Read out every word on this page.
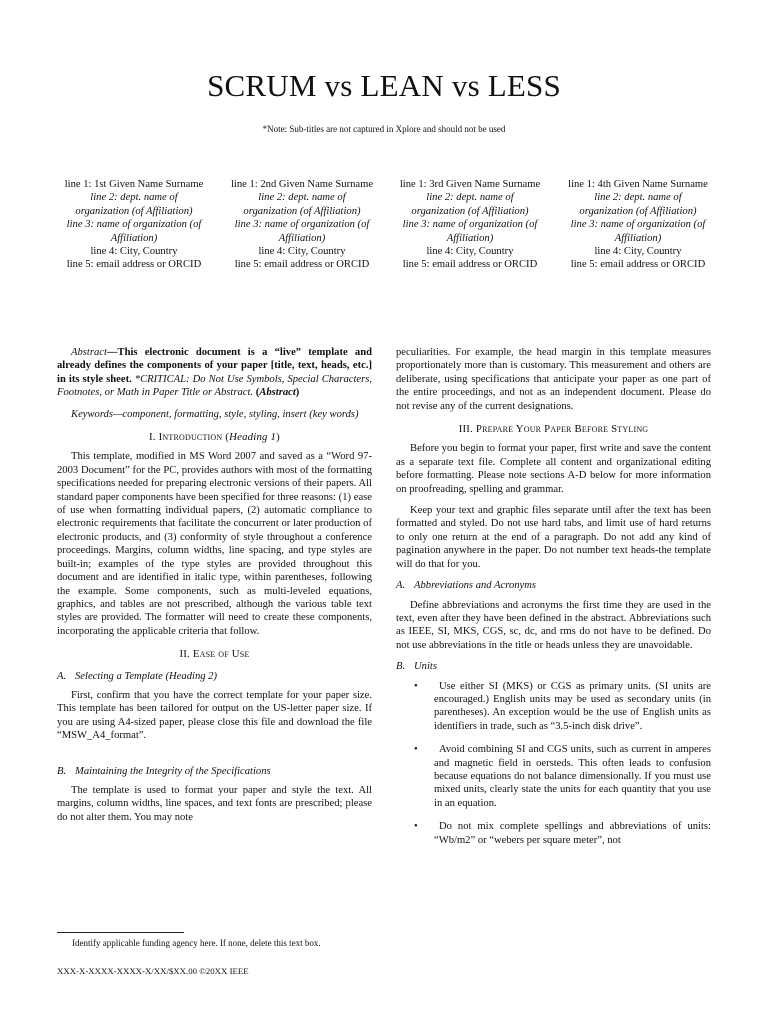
SCRUM vs LEAN vs LESS
*Note: Sub-titles are not captured in Xplore and should not be used
line 1: 1st Given Name Surname
line 2: dept. name of
organization (of Affiliation)
line 3: name of organization (of
Affiliation)
line 4: City, Country
line 5: email address or ORCID
line 1: 2nd Given Name Surname
line 2: dept. name of
organization (of Affiliation)
line 3: name of organization (of
Affiliation)
line 4: City, Country
line 5: email address or ORCID
line 1: 3rd Given Name Surname
line 2: dept. name of
organization (of Affiliation)
line 3: name of organization (of
Affiliation)
line 4: City, Country
line 5: email address or ORCID
line 1: 4th Given Name Surname
line 2: dept. name of
organization (of Affiliation)
line 3: name of organization (of
Affiliation)
line 4: City, Country
line 5: email address or ORCID

Abstract—This electronic document is a “live” template and already defines the components of your paper [title, text, heads, etc.] in its style sheet. *CRITICAL: Do Not Use Symbols, Special Characters, Footnotes, or Math in Paper Title or Abstract. (Abstract)

Keywords—component, formatting, style, styling, insert (key words)

I. Introduction (Heading 1)

This template, modified in MS Word 2007 and saved as a “Word 97-2003 Document” for the PC, provides authors with most of the formatting specifications needed for preparing electronic versions of their papers. All standard paper components have been specified for three reasons: (1) ease of use when formatting individual papers, (2) automatic compliance to electronic requirements that facilitate the concurrent or later production of electronic products, and (3) conformity of style throughout a conference proceedings. Margins, column widths, line spacing, and type styles are built-in; examples of the type styles are provided throughout this document and are identified in italic type, within parentheses, following the example. Some components, such as multi-leveled equations, graphics, and tables are not prescribed, although the various table text styles are provided. The formatter will need to create these components, incorporating the applicable criteria that follow.

II. Ease of Use
A. Selecting a Template (Heading 2)

First, confirm that you have the correct template for your paper size. This template has been tailored for output on the US-letter paper size. If you are using A4-sized paper, please close this file and download the file “MSW_A4_format”.

B. Maintaining the Integrity of the Specifications

The template is used to format your paper and style the text. All margins, column widths, line spaces, and text fonts are prescribed; please do not alter them. You may note

peculiarities. For example, the head margin in this template measures proportionately more than is customary. This measurement and others are deliberate, using specifications that anticipate your paper as one part of the entire proceedings, and not as an independent document. Please do not revise any of the current designations.

III. Prepare Your Paper Before Styling

Before you begin to format your paper, first write and save the content as a separate text file. Complete all content and organizational editing before formatting. Please note sections A-D below for more information on proofreading, spelling and grammar.

Keep your text and graphic files separate until after the text has been formatted and styled. Do not use hard tabs, and limit use of hard returns to only one return at the end of a paragraph. Do not add any kind of pagination anywhere in the paper. Do not number text heads-the template will do that for you.

A. Abbreviations and Acronyms

Define abbreviations and acronyms the first time they are used in the text, even after they have been defined in the abstract. Abbreviations such as IEEE, SI, MKS, CGS, sc, dc, and rms do not have to be defined. Do not use abbreviations in the title or heads unless they are unavoidable.

B. Units
•	Use either SI (MKS) or CGS as primary units. (SI units are encouraged.) English units may be used as secondary units (in parentheses). An exception would be the use of English units as identifiers in trade, such as “3.5-inch disk drive”.
•	Avoid combining SI and CGS units, such as current in amperes and magnetic field in oersteds. This often leads to confusion because equations do not balance dimensionally. If you must use mixed units, clearly state the units for each quantity that you use in an equation.
•	Do not mix complete spellings and abbreviations of units: “Wb/m2” or “webers per square meter”, not
Identify applicable funding agency here. If none, delete this text box.
XXX-X-XXXX-XXXX-X/XX/$XX.00 ©20XX IEEE
